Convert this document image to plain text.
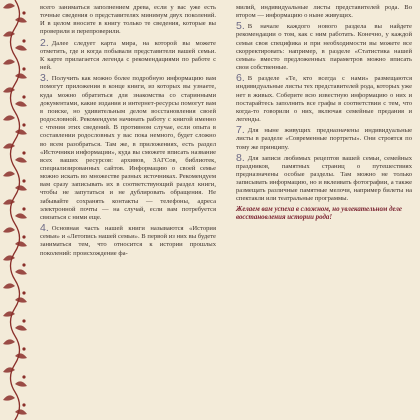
всего заниматься заполнением древа, если у вас уже есть точные сведения о представителях минимум двух поколений. И в целом вносите в книгу только те сведения, которые вы проверили и перепроверили.

2. Далее следует карта мира, на которой вы можете отметить, где и когда побывали представители вашей семьи. К карте прилагается легенда с рекомендациями по работе с ней.

3. Получить как можно более подробную информацию вам помогут приложения в конце книги, из которых вы узнаете, куда можно обратиться для знакомства со старинными документами, какие издания и интернет-ресурсы помогут вам в поиске, но удивительным делом восстановления своей родословной. Рекомендуем начинать работу с книгой именно с чтения этих сведений. В противном случае, если опыта в составлении родословных у вас пока немного, будет сложно во всем разобраться. Там же, в приложениях, есть раздел «Источники информации», куда вы сможете вписать название всех ваших ресурсов: архивов, ЗАГСов, библиотек, специализированных сайтов. Информацию о своей семье можно искать во множестве разных источниках. Рекомендуем вам сразу записывать их в соответствующий раздел книги, чтобы не запутаться и не дублировать обращения. Не забывайте сохранять контакты — телефоны, адреса электронной почты — на случай, если вам потребуется связаться с ними еще.

4. Основная часть нашей книги называются «История семьи» и «Летопись нашей семьи». В первой из них вы будете заниматься тем, что относится к истории прошлых поколений: происхождение фа-

милий, индивидуальные листы представителей рода. Во втором — информацию о ныне живущих.

5. В начале каждого нового раздела вы найдете рекомендации о том, как с ним работать. Конечно, у каждой семьи своя специфика и при необходимости вы можете все скорректировать: например, в разделе «Статистика нашей семьи» вместо предложенных параметров можно вписать свои собственные.

6. В разделе «Те, кто всегда с нами» размещаются индивидуальные листы тех представителей рода, которых уже нет в живых. Соберите всю известную информацию о них и постарайтесь заполнить все графы в соответствии с тем, что когда-то говорили о них, включая семейные предания и легенды.

7. Для ныне живущих предназначены индивидуальные листы в разделе «Современные портреты». Они строятся по тому же принципу.

8. Для записи любимых рецептов вашей семьи, семейных праздников, памятных страниц о путешествиях предназначены особые разделы. Там можно не только записывать информацию, но и вклеивать фотографии, а также размещать различные памятные мелочи, например билеты на спектакли или театральные программы.

Желаем вам успеха в сложном, но увлекательном деле восстановления истории рода!
